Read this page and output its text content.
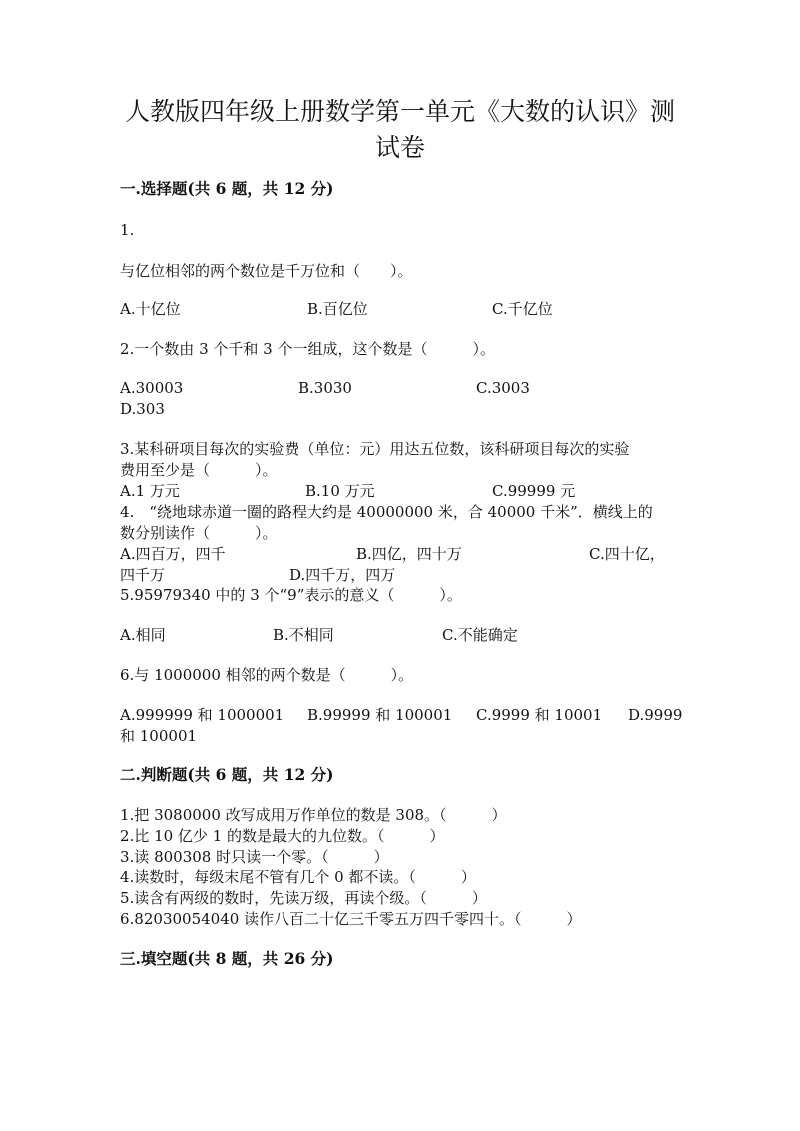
人教版四年级上册数学第一单元《大数的认识》测
试卷
一.选择题(共 6 题，共 12 分)
1.
与亿位相邻的两个数位是千万位和（　　）。
A.十亿位	B.百亿位	C.千亿位
2.一个数由 3 个千和 3 个一组成，这个数是（　　　）。
A.30003	B.3030	C.3003
D.303
3.某科研项目每次的实验费（单位：元）用达五位数，该科研项目每次的实验
费用至少是（　　　）。
A.1 万元	B.10 万元	C.99999 元
4.　“绕地球赤道一圈的路程大约是 40000000 米，合 40000 千米”．横线上的
数分别读作（　　　）。
A.四百万，四千	B.四亿，四十万	C.四十亿，
四千万	D.四千万，四万
5.95979340 中的 3 个“9”表示的意义（　　　）。
A.相同	B.不相同	C.不能确定
6.与 1000000 相邻的两个数是（　　　）。
A.999999 和 1000001 B.99999 和 100001 C.9999 和 10001 D.9999
和 100001
二.判断题(共 6 题，共 12 分)
1.把 3080000 改写成用万作单位的数是 308。（　　　）
2.比 10 亿少 1 的数是最大的九位数。（　　　）
3.读 800308 时只读一个零。（　　　）
4.读数时，每级末尾不管有几个 0 都不读。（　　　）
5.读含有两级的数时，先读万级，再读个级。（　　　）
6.82030054040 读作八百二十亿三千零五万四千零四十。（　　　）
三.填空题(共 8 题，共 26 分)
